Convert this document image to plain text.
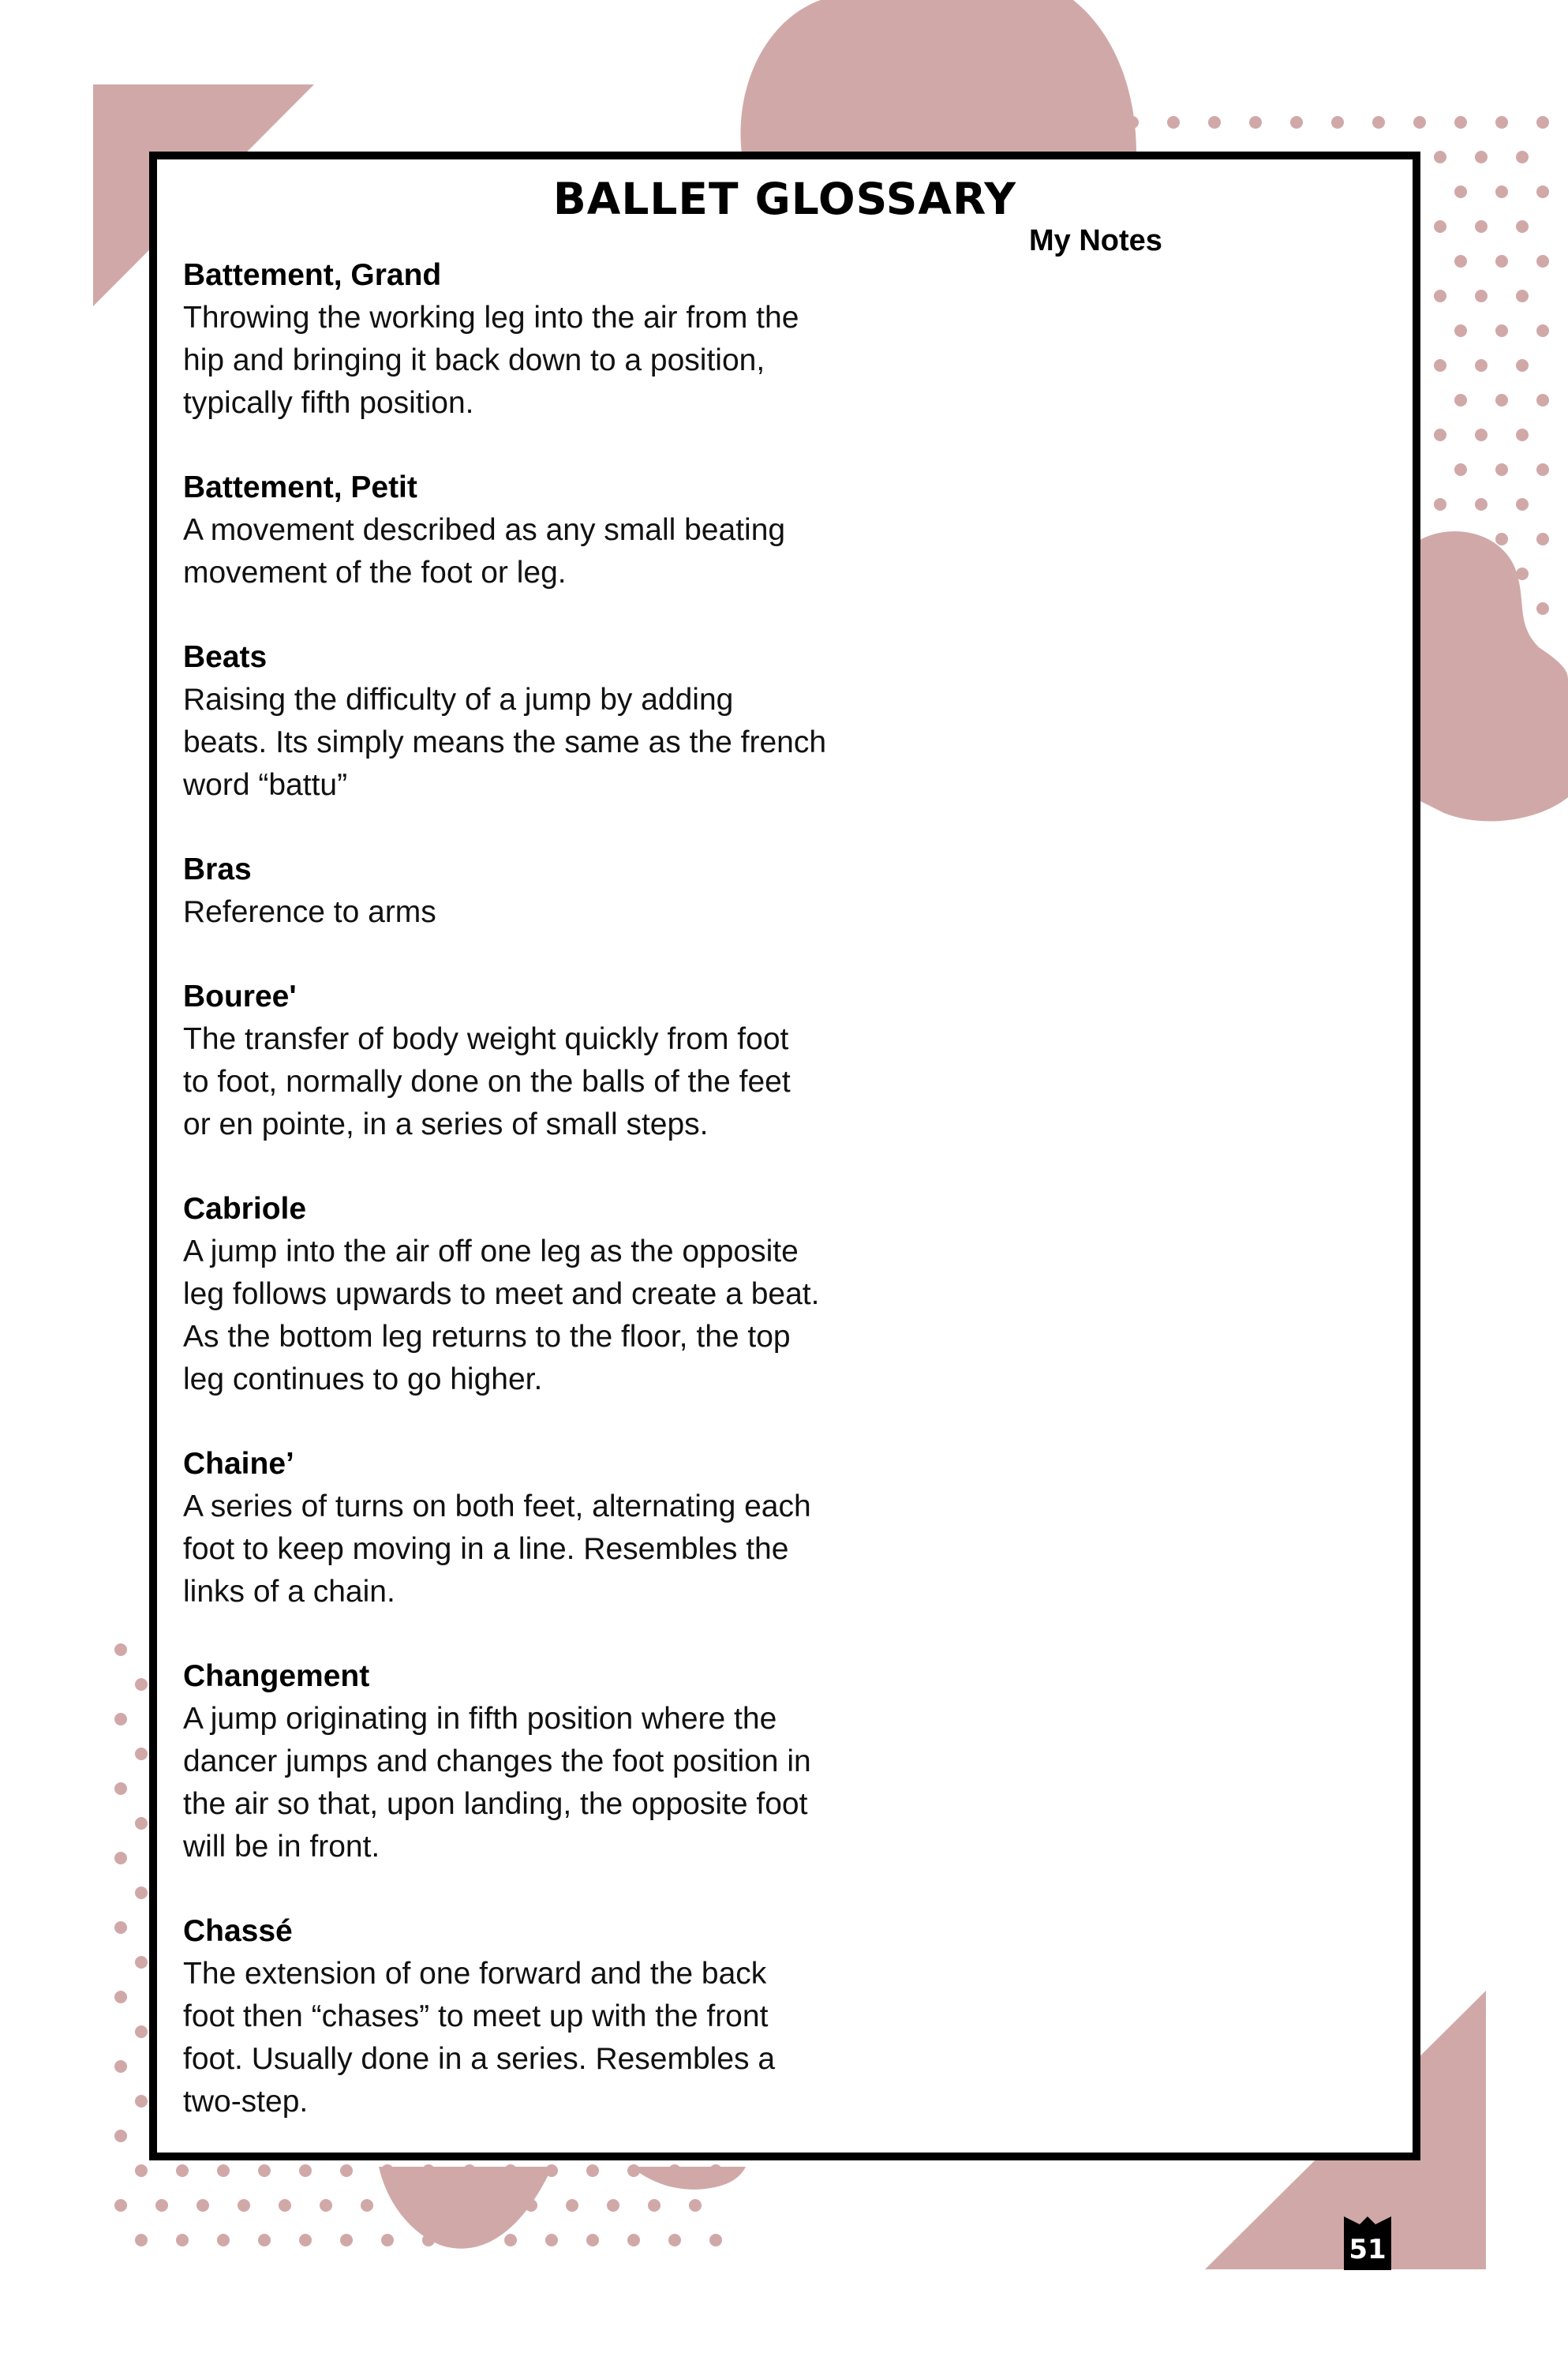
BALLET GLOSSARY
My Notes

Battement, Grand

Throwing the working leg into the air from the
hip and bringing it back down to a position,
typically fifth position.

Battement, Petit

A movement described as any small beating
movement of the foot or leg.

Beats

Raising the difficulty of a jump by adding
beats. Its simply means the same as the french
word “battu”

Bras

Reference to arms

Bouree'

The transfer of body weight quickly from foot
to foot, normally done on the balls of the feet
or en pointe, in a series of small steps.

Cabriole

A jump into the air off one leg as the opposite
leg follows upwards to meet and create a beat.
As the bottom leg returns to the floor, the top
leg continues to go higher.

Chaine’

A series of turns on both feet, alternating each
foot to keep moving in a line. Resembles the
links of a chain.

Changement

A jump originating in fifth position where the
dancer jumps and changes the foot position in
the air so that, upon landing, the opposite foot
will be in front.

Chassé

The extension of one forward and the back
foot then “chases” to meet up with the front
foot. Usually done in a series. Resembles a
two-step.

51
